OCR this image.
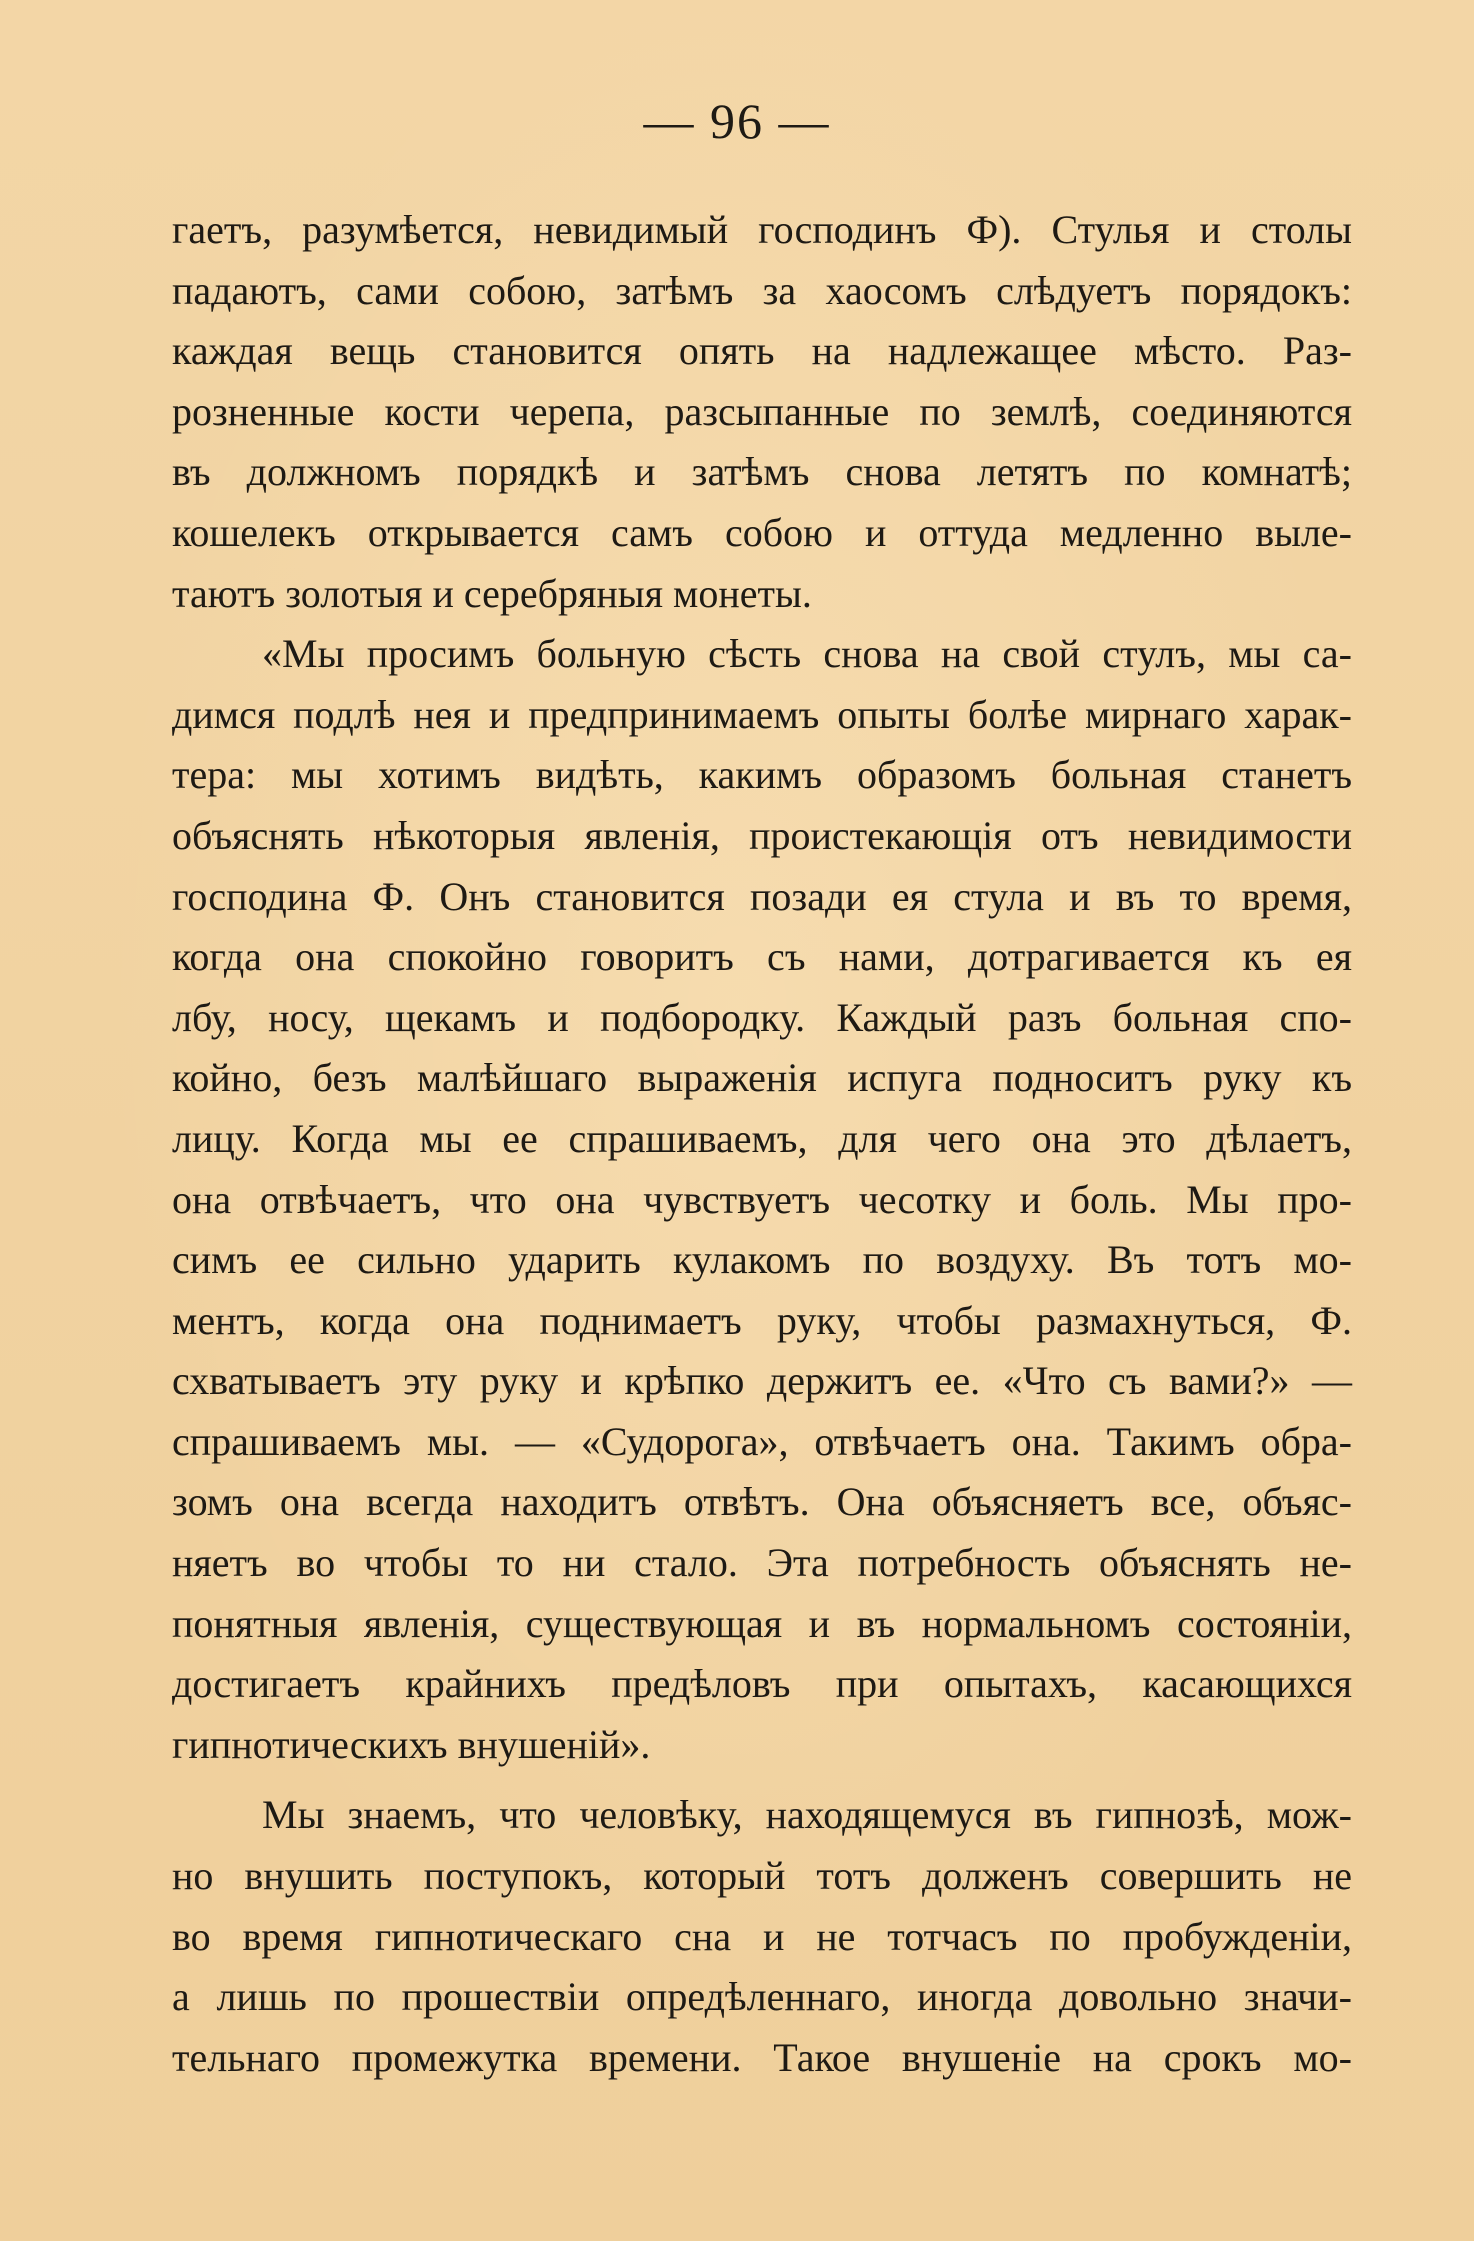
— 96 —
гаетъ, разумѣется, невидимый господинъ Ф). Стулья и столы
падаютъ, сами собою, затѣмъ за хаосомъ слѣдуетъ порядокъ:
каждая вещь становится опять на надлежащее мѣсто. Раз-
розненные кости черепа, разсыпанные по землѣ, соединяются
въ должномъ порядкѣ и затѣмъ снова летятъ по комнатѣ;
кошелекъ открывается самъ собою и оттуда медленно выле-
таютъ золотыя и серебряныя монеты.
«Мы просимъ больную сѣсть снова на свой стулъ, мы са-
димся подлѣ нея и предпринимаемъ опыты болѣе мирнаго харак-
тера: мы хотимъ видѣть, какимъ образомъ больная станетъ
объяснять нѣкоторыя явленія, проистекающія отъ невидимости
господина Ф. Онъ становится позади ея стула и въ то время,
когда она спокойно говоритъ съ нами, дотрагивается къ ея
лбу, носу, щекамъ и подбородку. Каждый разъ больная спо-
койно, безъ малѣйшаго выраженія испуга подноситъ руку къ
лицу. Когда мы ее спрашиваемъ, для чего она это дѣлаетъ,
она отвѣчаетъ, что она чувствуетъ чесотку и боль. Мы про-
симъ ее сильно ударить кулакомъ по воздуху. Въ тотъ мо-
ментъ, когда она поднимаетъ руку, чтобы размахнуться, Ф.
схватываетъ эту руку и крѣпко держитъ ее. «Что съ вами?» —
спрашиваемъ мы. — «Судорога», отвѣчаетъ она. Такимъ обра-
зомъ она всегда находитъ отвѣтъ. Она объясняетъ все, объяс-
няетъ во чтобы то ни стало. Эта потребность объяснять не-
понятныя явленія, существующая и въ нормальномъ состояніи,
достигаетъ крайнихъ предѣловъ при опытахъ, касающихся
гипнотическихъ внушеній».
Мы знаемъ, что человѣку, находящемуся въ гипнозѣ, мож-
но внушить поступокъ, который тотъ долженъ совершить не
во время гипнотическаго сна и не тотчасъ по пробужденіи,
а лишь по прошествіи опредѣленнаго, иногда довольно значи-
тельнаго промежутка времени. Такое внушеніе на срокъ мо-
